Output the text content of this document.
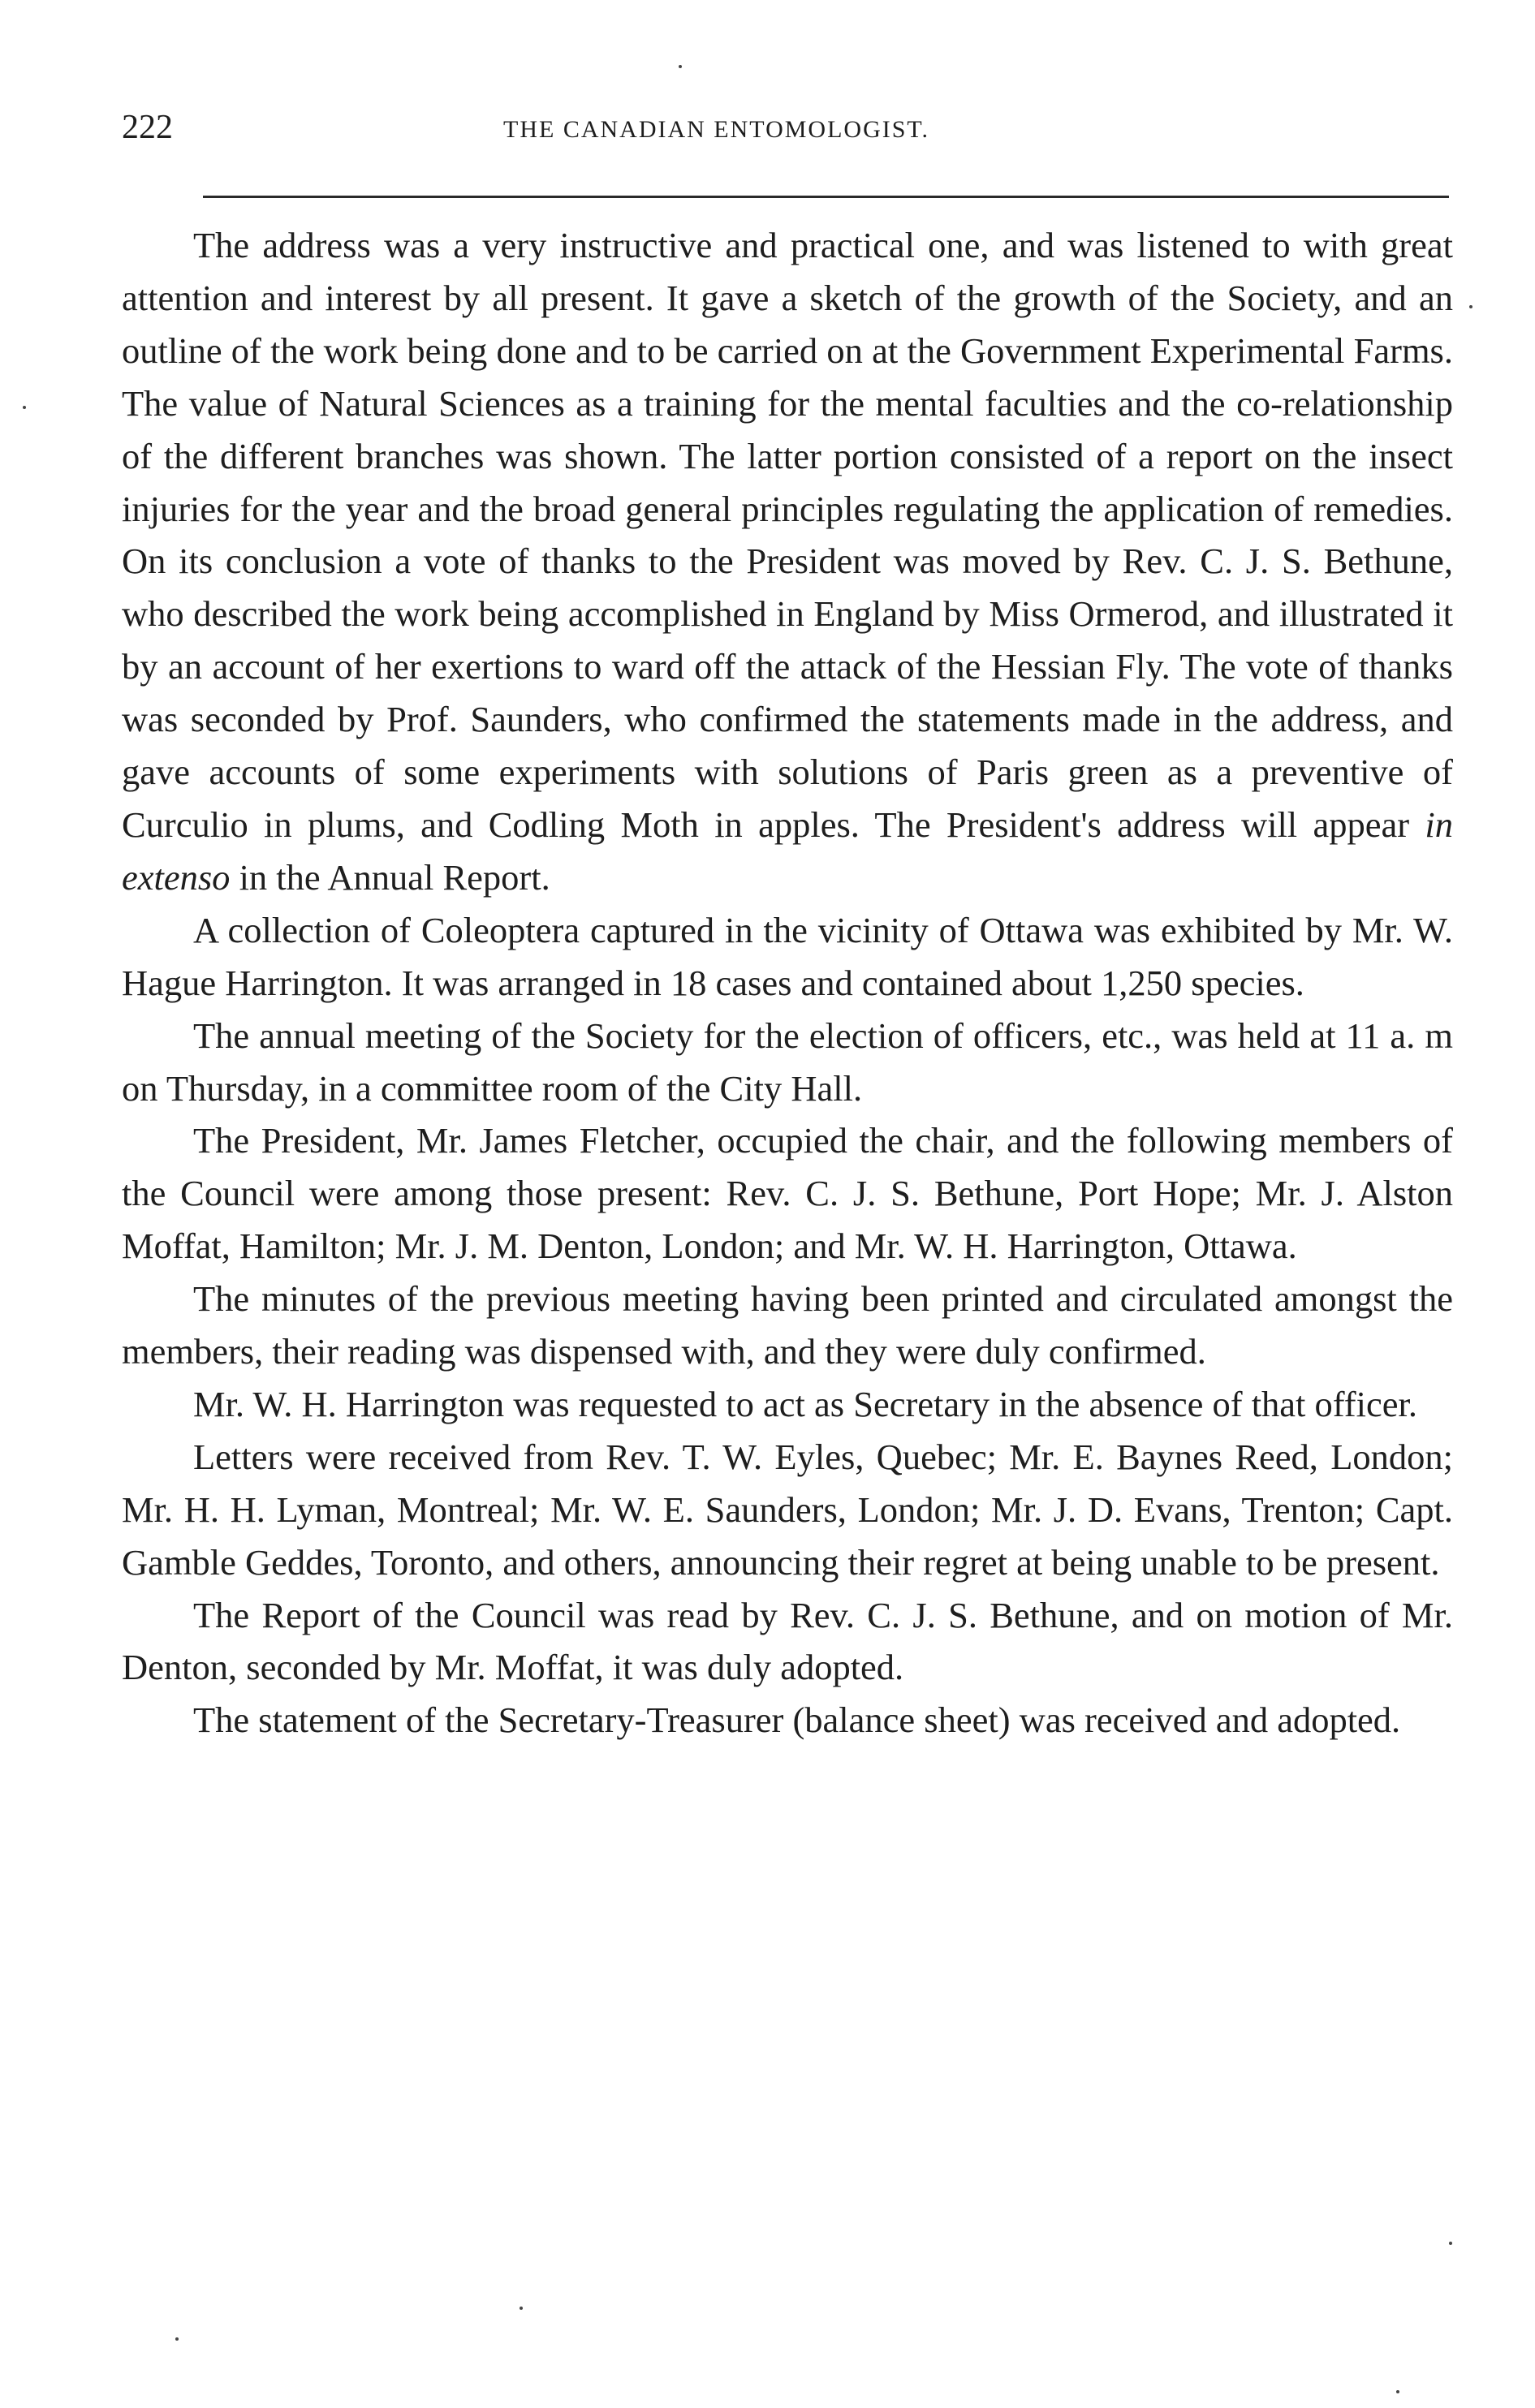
222	THE CANADIAN ENTOMOLOGIST.

The address was a very instructive and practical one, and was listened to with great attention and interest by all present. It gave a sketch of the growth of the Society, and an outline of the work being done and to be carried on at the Government Experimental Farms. The value of Natural Sciences as a training for the mental faculties and the co-relationship of the different branches was shown. The latter portion consisted of a report on the insect injuries for the year and the broad general principles regulating the application of remedies. On its conclusion a vote of thanks to the President was moved by Rev. C. J. S. Bethune, who described the work being accomplished in England by Miss Ormerod, and illustrated it by an account of her exertions to ward off the attack of the Hessian Fly. The vote of thanks was seconded by Prof. Saunders, who confirmed the statements made in the address, and gave accounts of some experiments with solutions of Paris green as a preventive of Curculio in plums, and Codling Moth in apples. The President's address will appear in extenso in the Annual Report.

A collection of Coleoptera captured in the vicinity of Ottawa was exhibited by Mr. W. Hague Harrington. It was arranged in 18 cases and contained about 1,250 species.

The annual meeting of the Society for the election of officers, etc., was held at 11 a. m on Thursday, in a committee room of the City Hall.

The President, Mr. James Fletcher, occupied the chair, and the following members of the Council were among those present: Rev. C. J. S. Bethune, Port Hope; Mr. J. Alston Moffat, Hamilton; Mr. J. M. Denton, London; and Mr. W. H. Harrington, Ottawa.

The minutes of the previous meeting having been printed and circulated amongst the members, their reading was dispensed with, and they were duly confirmed.

Mr. W. H. Harrington was requested to act as Secretary in the absence of that officer.

Letters were received from Rev. T. W. Eyles, Quebec; Mr. E. Baynes Reed, London; Mr. H. H. Lyman, Montreal; Mr. W. E. Saunders, London; Mr. J. D. Evans, Trenton; Capt. Gamble Geddes, Toronto, and others, announcing their regret at being unable to be present.

The Report of the Council was read by Rev. C. J. S. Bethune, and on motion of Mr. Denton, seconded by Mr. Moffat, it was duly adopted.

The statement of the Secretary-Treasurer (balance sheet) was received and adopted.
